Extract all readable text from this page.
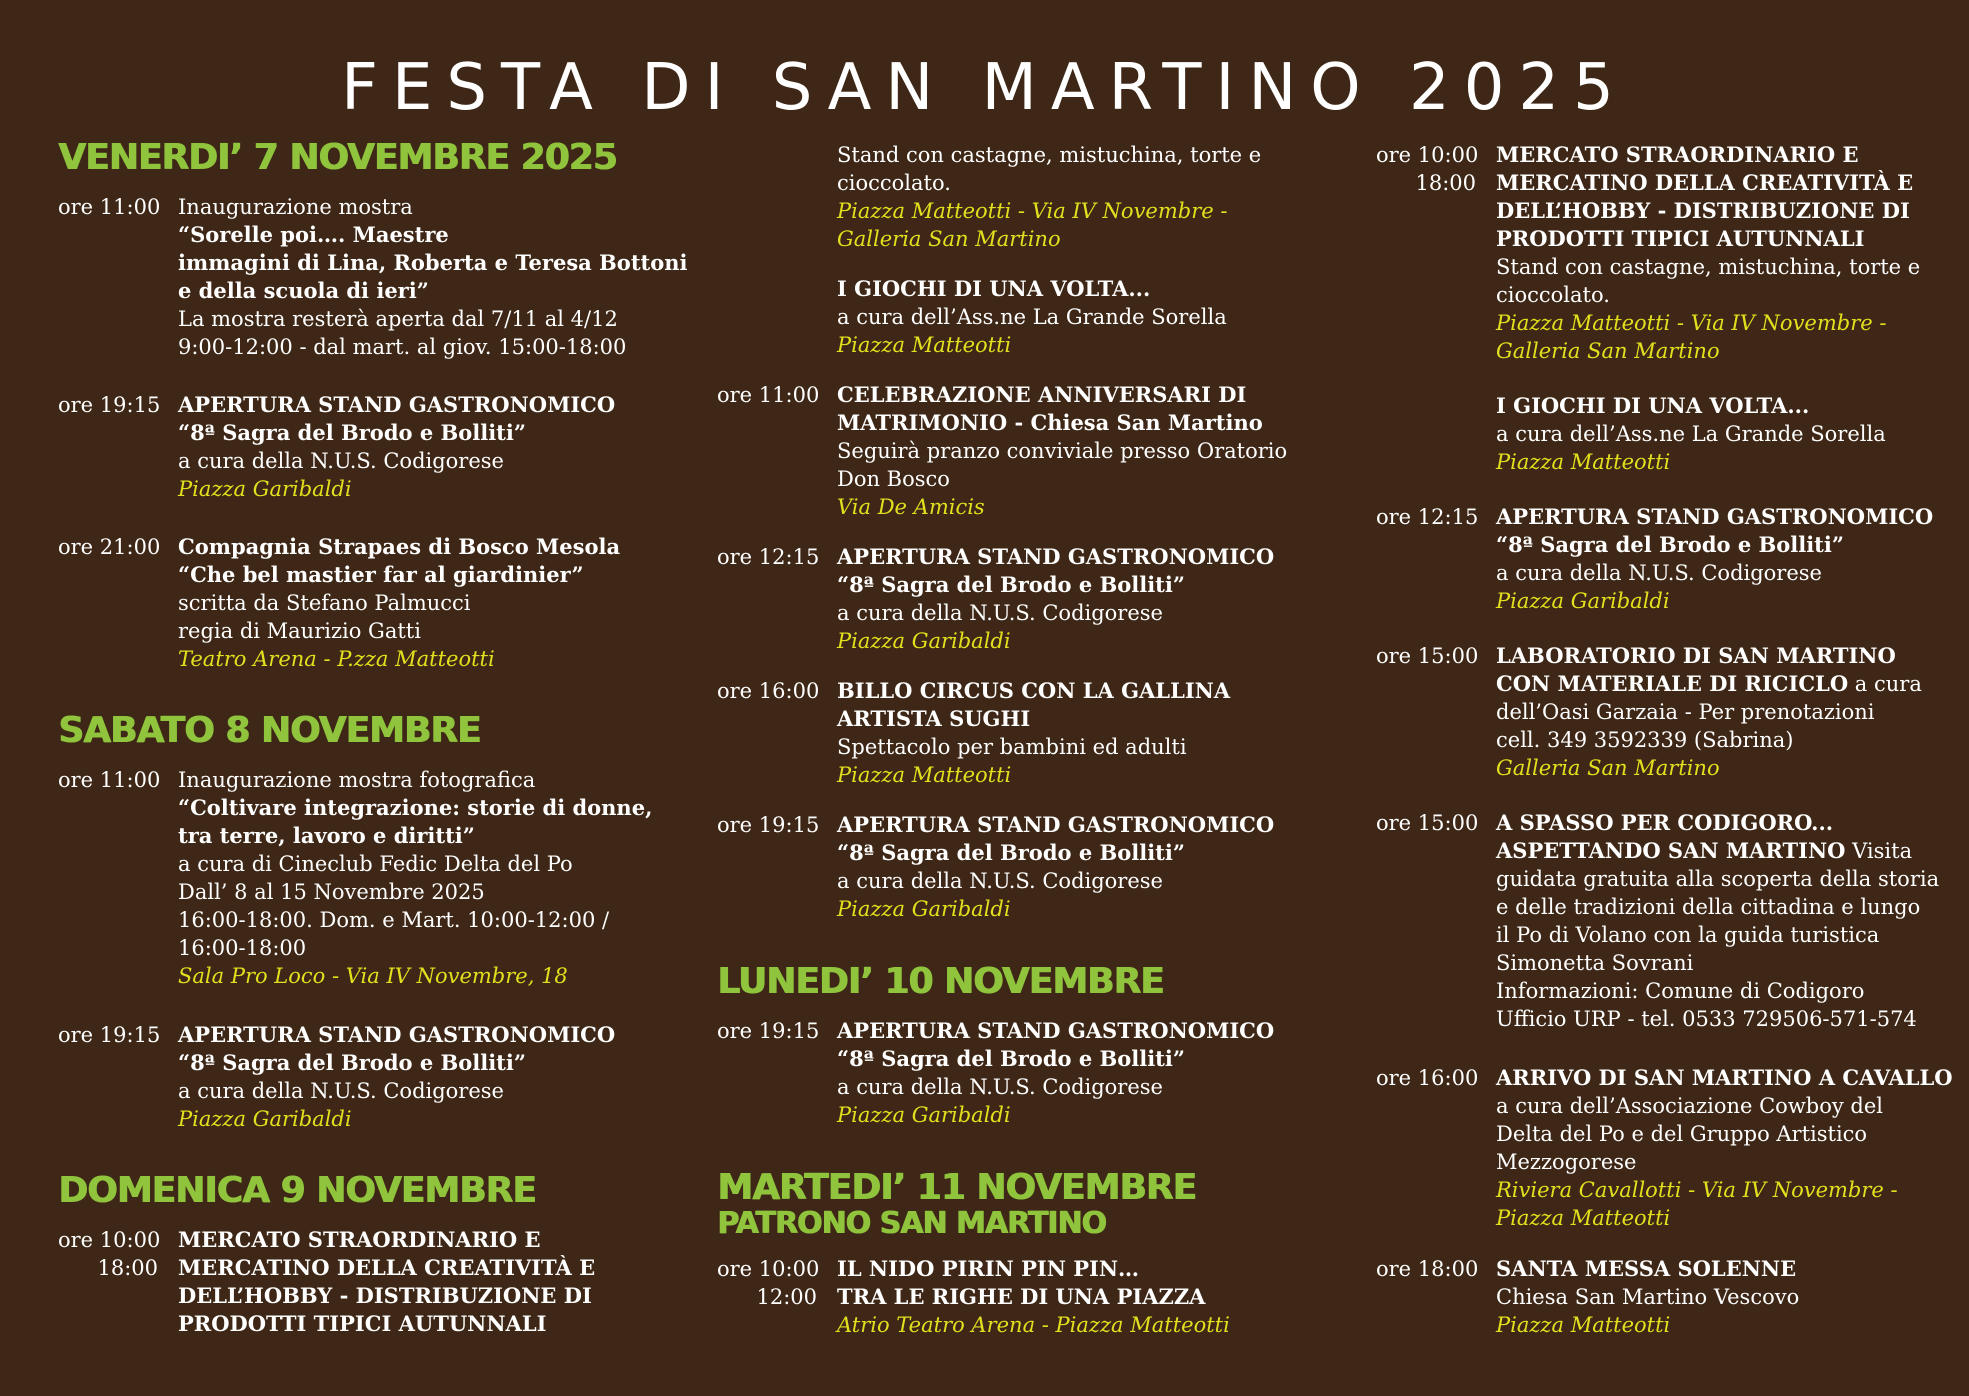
FESTA DI SAN MARTINO 2025
VENERDI’ 7 NOVEMBRE 2025
ore 11:00 Inaugurazione mostra
“Sorelle poi…. Maestre
immagini di Lina, Roberta e Teresa Bottoni
e della scuola di ieri”
La mostra resterà aperta dal 7/11 al 4/12
9:00-12:00 - dal mart. al giov. 15:00-18:00
ore 19:15 APERTURA STAND GASTRONOMICO
“8ª Sagra del Brodo e Bolliti”
a cura della N.U.S. Codigorese
Piazza Garibaldi
ore 21:00 Compagnia Strapaes di Bosco Mesola
“Che bel mastier far al giardinier”
scritta da Stefano Palmucci
regia di Maurizio Gatti
Teatro Arena - P.zza Matteotti
SABATO 8 NOVEMBRE
ore 11:00 Inaugurazione mostra fotografica
“Coltivare integrazione: storie di donne,
tra terre, lavoro e diritti”
a cura di Cineclub Fedic Delta del Po
Dall’ 8 al 15 Novembre 2025
16:00-18:00. Dom. e Mart. 10:00-12:00 /
16:00-18:00
Sala Pro Loco - Via IV Novembre, 18
ore 19:15 APERTURA STAND GASTRONOMICO
“8ª Sagra del Brodo e Bolliti”
a cura della N.U.S. Codigorese
Piazza Garibaldi
DOMENICA 9 NOVEMBRE
ore 10:00
18:00
MERCATO STRAORDINARIO E
MERCATINO DELLA CREATIVITÀ E
DELL’HOBBY - DISTRIBUZIONE DI
PRODOTTI TIPICI AUTUNNALI
Stand con castagne, mistuchina, torte e
cioccolato.
Piazza Matteotti - Via IV Novembre -
Galleria San Martino
I GIOCHI DI UNA VOLTA...
a cura dell’Ass.ne La Grande Sorella
Piazza Matteotti
ore 11:00 CELEBRAZIONE ANNIVERSARI DI
MATRIMONIO - Chiesa San Martino
Seguirà pranzo conviviale presso Oratorio
Don Bosco
Via De Amicis
ore 12:15 APERTURA STAND GASTRONOMICO
“8ª Sagra del Brodo e Bolliti”
a cura della N.U.S. Codigorese
Piazza Garibaldi
ore 16:00 BILLO CIRCUS CON LA GALLINA
ARTISTA SUGHI
Spettacolo per bambini ed adulti
Piazza Matteotti
ore 19:15 APERTURA STAND GASTRONOMICO
“8ª Sagra del Brodo e Bolliti”
a cura della N.U.S. Codigorese
Piazza Garibaldi
LUNEDI’ 10 NOVEMBRE
ore 19:15 APERTURA STAND GASTRONOMICO
“8ª Sagra del Brodo e Bolliti”
a cura della N.U.S. Codigorese
Piazza Garibaldi
MARTEDI’ 11 NOVEMBRE
PATRONO SAN MARTINO
ore 10:00
12:00
IL NIDO PIRIN PIN PIN…
TRA LE RIGHE DI UNA PIAZZA
Atrio Teatro Arena - Piazza Matteotti
ore 10:00
18:00
MERCATO STRAORDINARIO E
MERCATINO DELLA CREATIVITÀ E
DELL’HOBBY - DISTRIBUZIONE DI
PRODOTTI TIPICI AUTUNNALI
Stand con castagne, mistuchina, torte e
cioccolato.
Piazza Matteotti - Via IV Novembre -
Galleria San Martino
I GIOCHI DI UNA VOLTA...
a cura dell’Ass.ne La Grande Sorella
Piazza Matteotti
ore 12:15 APERTURA STAND GASTRONOMICO
“8ª Sagra del Brodo e Bolliti”
a cura della N.U.S. Codigorese
Piazza Garibaldi
ore 15:00 LABORATORIO DI SAN MARTINO
CON MATERIALE DI RICICLO a cura
dell’Oasi Garzaia - Per prenotazioni
cell. 349 3592339 (Sabrina)
Galleria San Martino
ore 15:00 A SPASSO PER CODIGORO...
ASPETTANDO SAN MARTINO Visita
guidata gratuita alla scoperta della storia
e delle tradizioni della cittadina e lungo
il Po di Volano con la guida turistica
Simonetta Sovrani
Informazioni: Comune di Codigoro
Ufficio URP - tel. 0533 729506-571-574
ore 16:00 ARRIVO DI SAN MARTINO A CAVALLO
a cura dell’Associazione Cowboy del
Delta del Po e del Gruppo Artistico
Mezzogorese
Riviera Cavallotti - Via IV Novembre -
Piazza Matteotti
ore 18:00 SANTA MESSA SOLENNE
Chiesa San Martino Vescovo
Piazza Matteotti
